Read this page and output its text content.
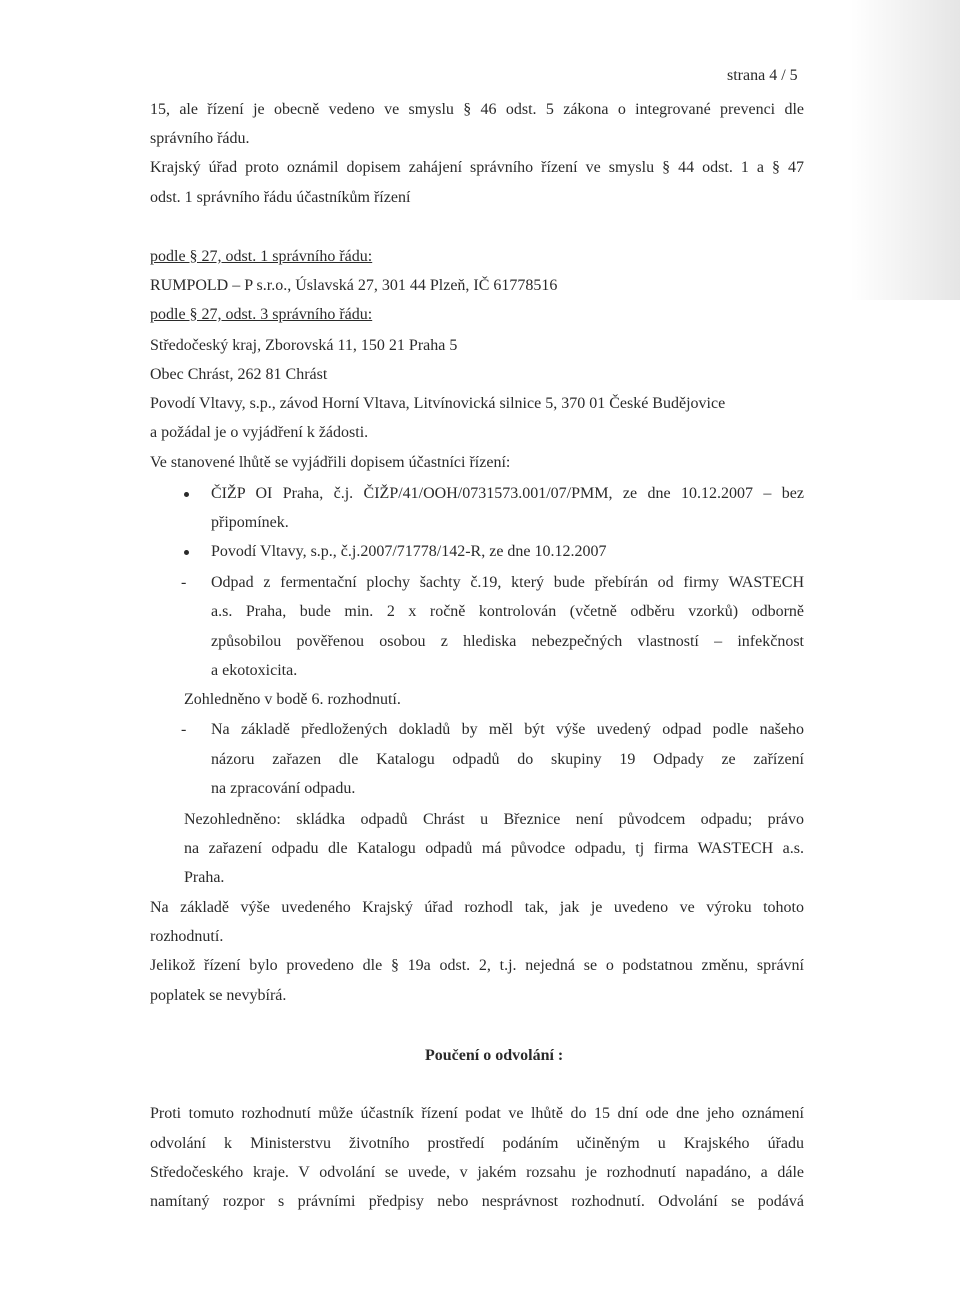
strana 4 / 5
15, ale řízení je obecně vedeno ve smyslu § 46 odst. 5 zákona o integrované prevenci dle
správního řádu.
Krajský úřad proto oznámil dopisem zahájení správního řízení ve smyslu § 44 odst. 1 a § 47
odst. 1 správního řádu účastníkům řízení
podle § 27, odst. 1 správního řádu:
RUMPOLD – P s.r.o., Úslavská 27, 301 44 Plzeň, IČ 61778516
podle § 27, odst. 3 správního řádu:
Středočeský kraj, Zborovská 11, 150 21 Praha 5
Obec Chrást, 262 81 Chrást
Povodí Vltavy, s.p., závod Horní Vltava, Litvínovická silnice 5, 370 01 České Budějovice
a požádal je o vyjádření k žádosti.
Ve stanovené lhůtě se vyjádřili dopisem účastníci řízení:
ČIŽP OI Praha, č.j. ČIŽP/41/OOH/0731573.001/07/PMM, ze dne 10.12.2007 – bez
připomínek.
Povodí Vltavy, s.p., č.j.2007/71778/142-R, ze dne 10.12.2007
- Odpad z fermentační plochy šachty č.19, který bude přebírán od firmy WASTECH
a.s. Praha, bude min. 2 x ročně kontrolován (včetně odběru vzorků) odborně
způsobilou pověřenou osobou z hlediska nebezpečných vlastností – infekčnost
a ekotoxicita.
Zohledněno v bodě 6. rozhodnutí.
- Na základě předložených dokladů by měl být výše uvedený odpad podle našeho
názoru zařazen dle Katalogu odpadů do skupiny 19 Odpady ze zařízení
na zpracování odpadu.
Nezohledněno: skládka odpadů Chrást u Březnice není původcem odpadu; právo
na zařazení odpadu dle Katalogu odpadů má původce odpadu, tj firma WASTECH a.s.
Praha.
Na základě výše uvedeného Krajský úřad rozhodl tak, jak je uvedeno ve výroku tohoto
rozhodnutí.
Jelikož řízení bylo provedeno dle § 19a odst. 2, t.j. nejedná se o podstatnou změnu, správní
poplatek se nevybírá.
Poučení o odvolání :
Proti tomuto rozhodnutí může účastník řízení podat ve lhůtě do 15 dní ode dne jeho oznámení
odvolání k Ministerstvu životního prostředí podáním učiněným u Krajského úřadu
Středočeského kraje. V odvolání se uvede, v jakém rozsahu je rozhodnutí napadáno, a dále
namítaný rozpor s právními předpisy nebo nesprávnost rozhodnutí. Odvolání se podává
